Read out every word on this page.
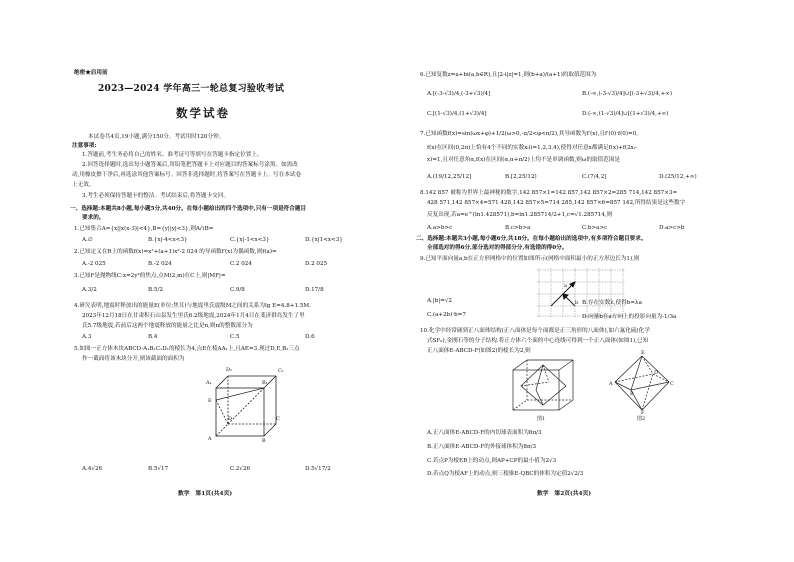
绝密★启用前
2023—2024 学年高三一轮总复习验收考试
数学试卷
本试卷共4页,19小题,满分150分。考试用时120分钟。
注意事项:
1.答题前,考生务必将自己的姓名、准考证号等填写在答题卡指定位置上。
2.回答选择题时,选出每小题答案后,用铅笔把答题卡上对应题目的答案标号涂黑。如需改
动,用橡皮擦干净后,再选涂其他答案标号。回答非选择题时,将答案写在答题卡上。写在本试卷
上无效。
3.考生必须保持答题卡的整洁。考试结束后,将答题卡交回。
一、选择题:本题共8小题,每小题5分,共40分。在每小题给出的四个选项中,只有一项是符合题目
要求的。
1.已知集合A={x||x(x-3)|<4},B={y||y|<3},则A∩B=
A.∅	B.{x|-4<x<3}	C.{x|-1<x<3}	D.{x|1<x<3}
2.已知定义在R上的函数f(x)=x²+(a+1)x²-2 024 的导函数f′(x)为偶函数,则f(a)=
A.-2 025	B.-2 024	C.2 024	D.2 025
3.已知F是抛物线C:x=2y²的焦点,点M(2,m)在C上,则|MF|=
A.3/2	B.5/2	C.9/8	D.17/8
4.研究表明,地震时释放出的能量E(单位:焦耳)与地震里氏震级M之间的关系为lg E=4.8+1.5M.
2023年12月18日在甘肃积石山县发生里氏6.2级地震,2024年1月4日在斐济群岛发生了里
氏5.7级地震,若前后这两个地震释放的能量之比是n,则n的整数部分为
A.3	B.4	C.5	D.6
5.如图一正方体木块ABCD-A₁B₁C₁D₁的棱长为4,点E在棱AA₁上,且AE=3.现过D,E,B₁三点
作一截面将该木块分开,则该截面的面积为
D₁	C₁
A₁	B₁
E
D	C
A	B
A.4√26	B.5√17	C.2√26	D.5√17/2
数学　第1页(共4页)
6.已知复数z=a+bi(a,b∈R),且|2-i|z|=1,则(b+a)/(a+1)的取值范围为
A.[(-3-√3)/4,(-3+√3)/4]	B.(-∞,(-3-√3)/4]∪[(-3+√3)/4,+∞)
C.[(1-√3)/4,(1+√3)/4]	D.(-∞,(1-√3)/4]∪[(1+√3)/4,+∞)
7.已知函数f(x)=sin(ωx+φ)+1/2(ω>0,-π/2<φ<π/2),其导函数为f′(x),且f′(0)·f(0)=0,
f(x)在区间(0,2π)上恰有4个不同的实数xᵢ(i=1,2,3,4),使得对任意x都满足f(x)+f(2xᵢ-
x)=1,且对任意角α,f(x)在区间(α,α+π/2)上均不是单调函数,则ω的取值范围是
A.(19/12,25/12]	B.[2,25/12)	C.(7/4,2]	D.(25/12,+∞)
8.142 857 被称为世界上最神秘的数字,142 857×1=142 857,142 857×2=285 714,142 857×3=
428 571,142 857×4=571 428,142 857×5=714 285,142 857×6=857 142,所得结果是这些数字
反复出现,若a=e^(ln1.428571),b=ln1.285714/2+1,c=√1.285714,则
A.a>b>c	B.c>b>a	C.b>a>c	D.a>c>b
二、选择题:本题共3小题,每小题6分,共18分。在每小题给出的选项中,有多项符合题目要求。
全部选对的得6分,部分选对的得部分分,有选错的得0分。
9.已知平面向量a,b在正方形网格中的位置如图所示(网格中面积最小的正方形边长为1),则
a
b
A.|b|=√2	B.存在实数λ,使得b=λa
C.(a+2b)·b=7	D.向量b在a方向上的投影向量为-1/3a
10.化学中经常碰到正八面体结构(正八面体是每个面都是正三角形的八面体),如六氟化硫(化学
式SF₆),金刚石等的分子结构.将正方体六个面的中心连线可得到一个正八面体(如图1),已知
正八面体E-ABCD-F(如图2)的棱长为2,则	E
A
B
C
D
F
图1	图2
A.正八面体E-ABCD-F的内切球表面积为8π/3
B.正八面体E-ABCD-F的外接球体积为8π/3
C.若点P为棱EB上的动点,则AP+CP的最小值为2√3
D.若点Q为棱AF上的动点,则三棱锥E-QBC的体积为定值2√2/3
数学　第2页(共4页)
